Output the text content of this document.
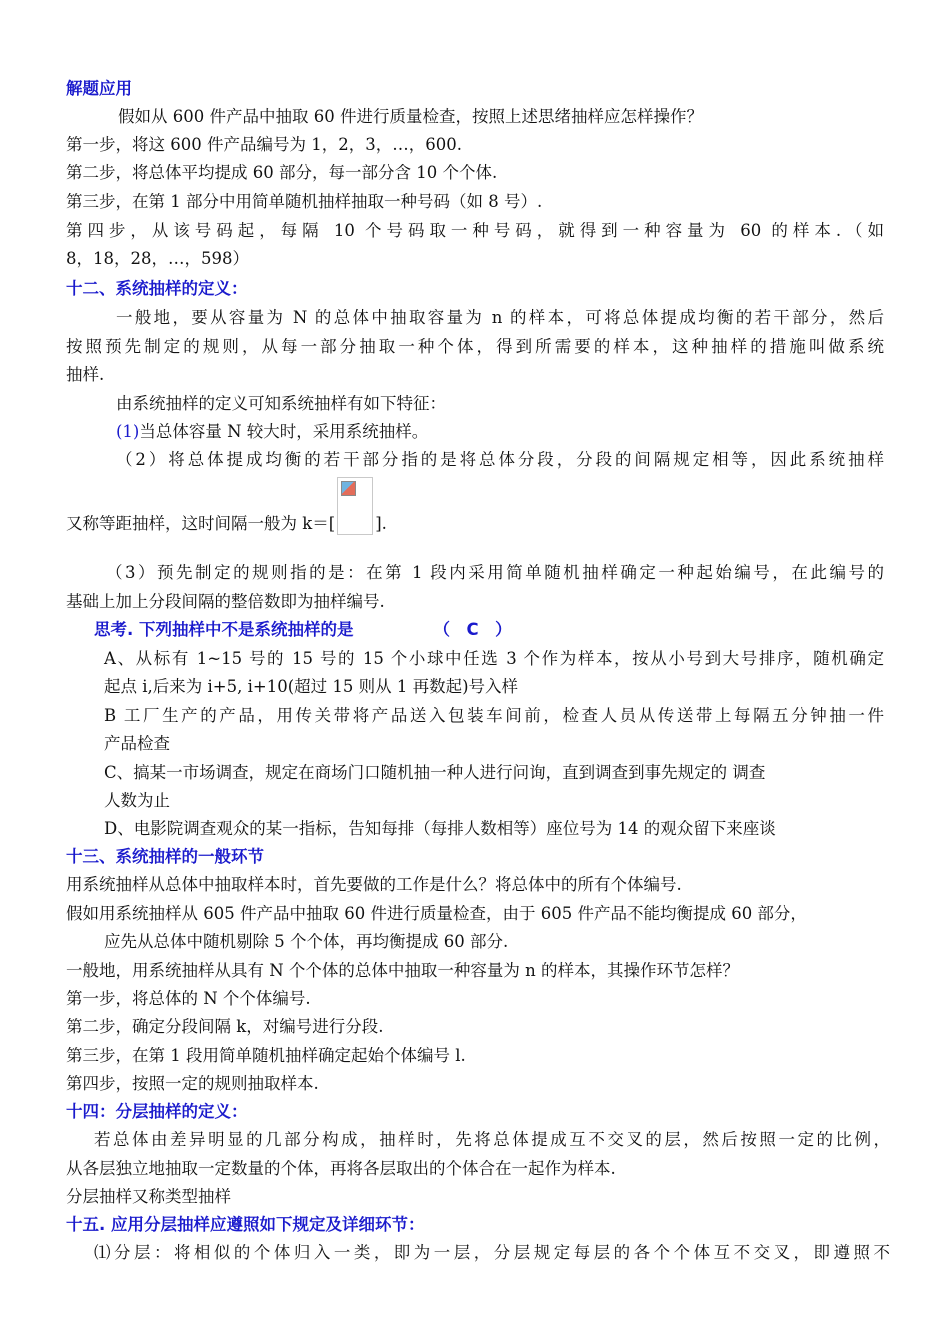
解题应用
假如从 600 件产品中抽取 60 件进行质量检查，按照上述思绪抽样应怎样操作？
第一步，将这 600 件产品编号为 1，2，3，…，600.
第二步，将总体平均提成 60 部分，每一部分含 10 个个体.
第三步，在第 1 部分中用简单随机抽样抽取一种号码（如 8 号）.
第四步，从该号码起，每隔 10 个号码取一种号码，就得到一种容量为 60 的样本.（如
8，18，28，…，598）
十二、系统抽样的定义：
一般地，要从容量为 N 的总体中抽取容量为 n 的样本，可将总体提成均衡的若干部分，然后
按照预先制定的规则，从每一部分抽取一种个体，得到所需要的样本，这种抽样的措施叫做系统
抽样.
由系统抽样的定义可知系统抽样有如下特征：
(1)当总体容量 N 较大时，采用系统抽样。
（2）将总体提成均衡的若干部分指的是将总体分段，分段的间隔规定相等，因此系统抽样
又称等距抽样，这时间隔一般为 k＝[ ].
（3）预先制定的规则指的是：在第 1 段内采用简单随机抽样确定一种起始编号，在此编号的
基础上加上分段间隔的整倍数即为抽样编号.
思考. 下列抽样中不是系统抽样的是	（　C　）
A、从标有 1~15 号的 15 号的 15 个小球中任选 3 个作为样本，按从小号到大号排序，随机确定
起点 i,后来为 i+5, i+10(超过 15 则从 1 再数起)号入样
B 工厂生产的产品，用传关带将产品送入包装车间前，检查人员从传送带上每隔五分钟抽一件
产品检查
C、搞某一市场调查，规定在商场门口随机抽一种人进行问询，直到调查到事先规定的 调查
人数为止
D、电影院调查观众的某一指标，告知每排（每排人数相等）座位号为 14 的观众留下来座谈
十三、系统抽样的一般环节
用系统抽样从总体中抽取样本时，首先要做的工作是什么？将总体中的所有个体编号.
假如用系统抽样从 605 件产品中抽取 60 件进行质量检查，由于 605 件产品不能均衡提成 60 部分，
应先从总体中随机剔除 5 个个体，再均衡提成 60 部分.
一般地，用系统抽样从具有 N 个个体的总体中抽取一种容量为 n 的样本，其操作环节怎样？
第一步，将总体的 N 个个体编号.
第二步，确定分段间隔 k，对编号进行分段.
第三步，在第 1 段用简单随机抽样确定起始个体编号 l.
第四步，按照一定的规则抽取样本.
十四：分层抽样的定义：
若总体由差异明显的几部分构成，抽样时，先将总体提成互不交叉的层，然后按照一定的比例，
从各层独立地抽取一定数量的个体，再将各层取出的个体合在一起作为样本.
分层抽样又称类型抽样
十五. 应用分层抽样应遵照如下规定及详细环节：
⑴分层：将相似的个体归入一类，即为一层，分层规定每层的各个个体互不交叉，即遵照不
